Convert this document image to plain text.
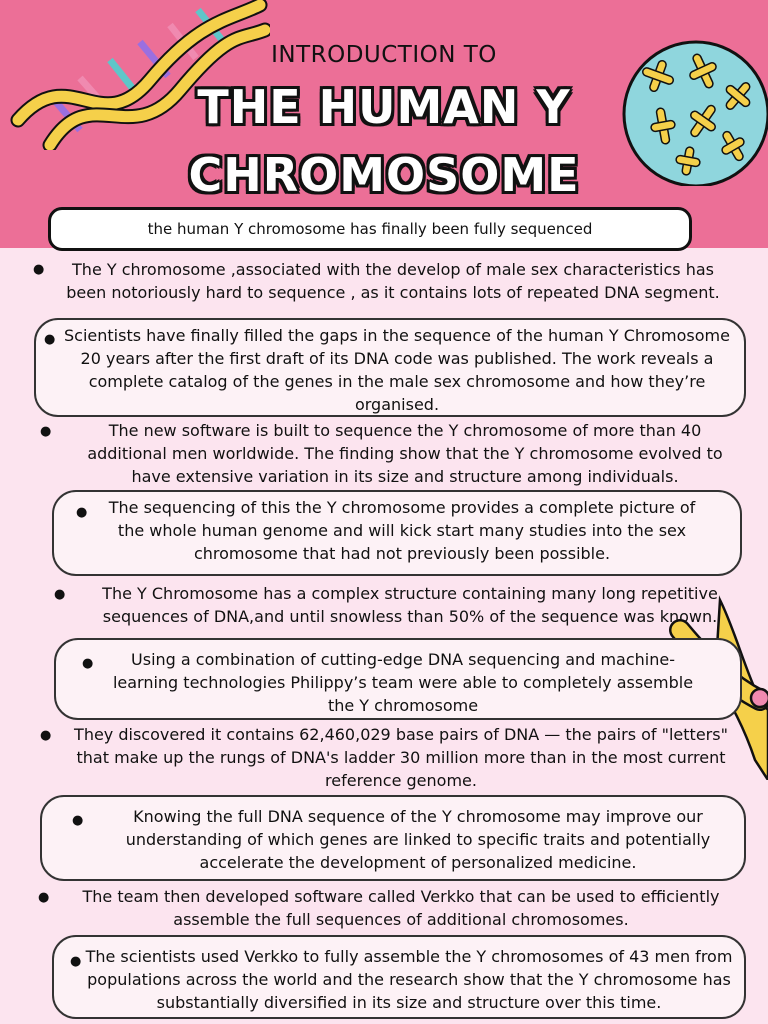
INTRODUCTION TO
THE HUMAN Y
CHROMOSOME
the human Y chromosome has finally been fully sequenced
●	The Y chromosome ,associated with the develop of male sex characteristics has been notoriously hard to sequence , as it contains lots of repeated DNA segment.
● Scientists have finally filled the gaps in the sequence of the human Y Chromosome 20 years after the first draft of its DNA code was published. The work reveals a complete catalog of the genes in the male sex chromosome and how they’re organised.
●	The new software is built to sequence the Y chromosome of more than 40 additional men worldwide. The finding show that the Y chromosome evolved to have extensive variation in its size and structure among individuals.
●	The sequencing of this the Y chromosome provides a complete picture of the whole human genome and will kick start many studies into the sex chromosome that had not previously been possible.
●	The Y Chromosome has a complex structure containing many long repetitive sequences of DNA,and until snowless than 50% of the sequence was known.
●	Using a combination of cutting-edge DNA sequencing and machine-learning technologies Philippy’s team were able to completely assemble the Y chromosome
●	They discovered it contains 62,460,029 base pairs of DNA — the pairs of "letters" that make up the rungs of DNA's ladder 30 million more than in the most current reference genome.
●	Knowing the full DNA sequence of the Y chromosome may improve our understanding of which genes are linked to specific traits and potentially accelerate the development of personalized medicine.
●	The team then developed software called Verkko that can be used to efficiently assemble the full sequences of additional chromosomes.
● The scientists used Verkko to fully assemble the Y chromosomes of 43 men from populations across the world and the research show that the Y chromosome has substantially diversified in its size and structure over this time.
